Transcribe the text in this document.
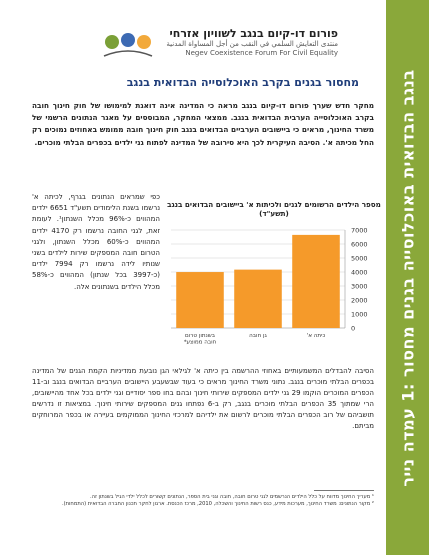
פורום דו-קיום בנגב לשוויון אזרחי
منتدى التعايش السلمي في النقب من أجل المساواة المدنية
Negev Coexistence Forum For Civil Equality
מחסור בגנים בקרב האוכלוסייה הבדואית בנגב
מחקר חדש שערך פורום דו-קיום בנגב מראה כי המדינה אינה דואגת למימושו של חוק חינוך חובה בקרב האוכלוסייה הערבית הבדואית בנגב. ממצאי המחקר, המבוססים על מאגר הנתונים הרשמי של משרד החינוך, מראים כי ביישובים הערביים הבדואים בנגב חוק חינוך חובה ממומש באחוזים נמוכים רק החל מכיתה א'. הסיבה העיקרית לכך היא סירובה של המדינה לפתוח גני ילדים בכפרים הבלתי מוכרים.
כפי שמראים הנתונים בגרף, לכיתה א' נרשמו בשנת הלימודים תשע"ד 6651 ילדים המהווים כ-96% מכלל השנתון¹. לעומת זאת, לגני החובה נרשמו רק 4170 ילדים המהווים כ-60% מכלל השנתון, ולגני הטרום חובה המספקים שירות לילדים בשני שנותיו לידה נרשמו רק 7994 ילדים (כ-3997 בכל שנתון) המהווים כ-58% מכלל הילדים בשנתונים אלה.
0
1000
2000
3000
4000
5000
6000
7000
כיתה א'
גן חובה
בשנתון טרום חובה ממוצע*
מספר הילדים הרשומים לגנים ולכיתות א' ביישובים הבדואים בנגב (תשע"ד)
הסיבה להבדלים המשמעותיים באחוזי ההרשמה בין כיתה א' לגילאי הגן נובעת ממדיניות הקמת הגנים של המדינה בכפרים הבלתי מוכרים בנגב. נתוני משרד החינוך מראים כי בעוד שבשעבע היישובים הערביים הבדואים בנגב וב-11 הכפרים המוכרים הוקמו 29 גני ילדים המספקים שירותי חינוך ובהם בחו ספר יסודיים וגני ילדים בכל אחד מהיישובים, הרי שמתוך 35 הכפרים הבלתי מוכרים בנגב, רק ב-6 נפתחו גנים המספקים שירותי חינוך. במציאות זו נדרשים תושביהם של רוב הכפרים הבלתי מוכרים לרשום את ילדיהם למרכזי החינוך הממוקמים בעיירה או בכפר המרוחקים מביתם.
¹ מעריך החינוך מדווח על כלל הילדים הנרשמים לגני טרום חובה, חובה וגני בית הספר, הנתונים קשורים לכלל ילדי הגיל בשנתון זה.
² מקור הנתונים: משרד החינוך, מערכות מידע, כנס רשות החינוך והשכלה, 2010, מרכז הכנסת. ארגון לחקר תכנון החברה הבדואית (התמחות).
בנגב הבדואית באוכלוסייה בגנים מחסור :1 עמדה נייר
